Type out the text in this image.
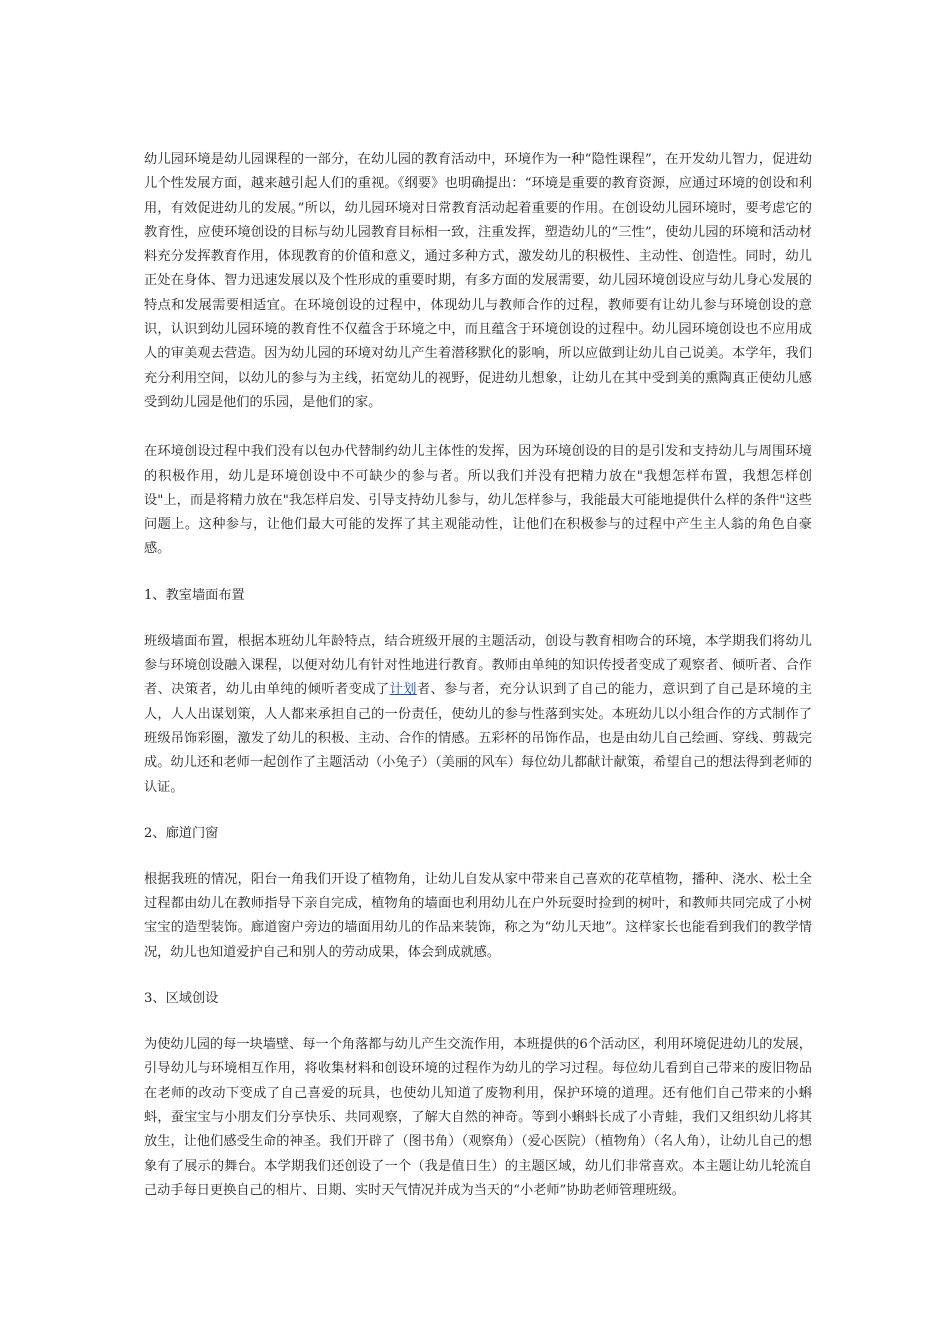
幼儿园环境是幼儿园课程的一部分，在幼儿园的教育活动中，环境作为一种“隐性课程”，在开发幼儿智力，促进幼儿个性发展方面，越来越引起人们的重视。《纲要》也明确提出：“环境是重要的教育资源，应通过环境的创设和利用，有效促进幼儿的发展。”所以，幼儿园环境对日常教育活动起着重要的作用。在创设幼儿园环境时，要考虑它的教育性，应使环境创设的目标与幼儿园教育目标相一致，注重发挥，塑造幼儿的“三性”，使幼儿园的环境和活动材料充分发挥教育作用，体现教育的价值和意义，通过多种方式，激发幼儿的积极性、主动性、创造性。同时，幼儿正处在身体、智力迅速发展以及个性形成的重要时期，有多方面的发展需要，幼儿园环境创设应与幼儿身心发展的特点和发展需要相适宜。在环境创设的过程中，体现幼儿与教师合作的过程，教师要有让幼儿参与环境创设的意识，认识到幼儿园环境的教育性不仅蕴含于环境之中，而且蕴含于环境创设的过程中。幼儿园环境创设也不应用成人的审美观去营造。因为幼儿园的环境对幼儿产生着潜移默化的影响，所以应做到让幼儿自己说美。本学年，我们充分利用空间，以幼儿的参与为主线，拓宽幼儿的视野，促进幼儿想象，让幼儿在其中受到美的熏陶真正使幼儿感受到幼儿园是他们的乐园，是他们的家。

在环境创设过程中我们没有以包办代替制约幼儿主体性的发挥，因为环境创设的目的是引发和支持幼儿与周围环境的积极作用，幼儿是环境创设中不可缺少的参与者。所以我们并没有把精力放在"我想怎样布置，我想怎样创设"上，而是将精力放在"我怎样启发、引导支持幼儿参与，幼儿怎样参与，我能最大可能地提供什么样的条件"这些问题上。这种参与，让他们最大可能的发挥了其主观能动性，让他们在积极参与的过程中产生主人翁的角色自豪感。

1、教室墙面布置

班级墙面布置，根据本班幼儿年龄特点，结合班级开展的主题活动，创设与教育相吻合的环境，本学期我们将幼儿参与环境创设融入课程，以便对幼儿有针对性地进行教育。教师由单纯的知识传授者变成了观察者、倾听者、合作者、决策者，幼儿由单纯的倾听者变成了计划者、参与者，充分认识到了自己的能力，意识到了自己是环境的主人，人人出谋划策，人人都来承担自己的一份责任，使幼儿的参与性落到实处。本班幼儿以小组合作的方式制作了班级吊饰彩圈，激发了幼儿的积极、主动、合作的情感。五彩杯的吊饰作品，也是由幼儿自己绘画、穿线、剪裁完成。幼儿还和老师一起创作了主题活动（小兔子）（美丽的风车）每位幼儿都献计献策，希望自己的想法得到老师的认证。

2、廊道门窗

根据我班的情况，阳台一角我们开设了植物角，让幼儿自发从家中带来自己喜欢的花草植物，播种、浇水、松土全过程都由幼儿在教师指导下亲自完成，植物角的墙面也利用幼儿在户外玩耍时捡到的树叶，和教师共同完成了小树宝宝的造型装饰。廊道窗户旁边的墙面用幼儿的作品来装饰，称之为“幼儿天地”。这样家长也能看到我们的教学情况，幼儿也知道爱护自己和别人的劳动成果，体会到成就感。

3、区域创设

为使幼儿园的每一块墙壁、每一个角落都与幼儿产生交流作用，本班提供的6个活动区，利用环境促进幼儿的发展，引导幼儿与环境相互作用，将收集材料和创设环境的过程作为幼儿的学习过程。每位幼儿看到自己带来的废旧物品在老师的改动下变成了自己喜爱的玩具，也使幼儿知道了废物利用，保护环境的道理。还有他们自己带来的小蝌蚪，蚕宝宝与小朋友们分享快乐、共同观察，了解大自然的神奇。等到小蝌蚪长成了小青蛙，我们又组织幼儿将其放生，让他们感受生命的神圣。我们开辟了（图书角）（观察角）（爱心医院）（植物角）（名人角），让幼儿自己的想象有了展示的舞台。本学期我们还创设了一个（我是值日生）的主题区域，幼儿们非常喜欢。本主题让幼儿轮流自己动手每日更换自己的相片、日期、实时天气情况并成为当天的“小老师”协助老师管理班级。
